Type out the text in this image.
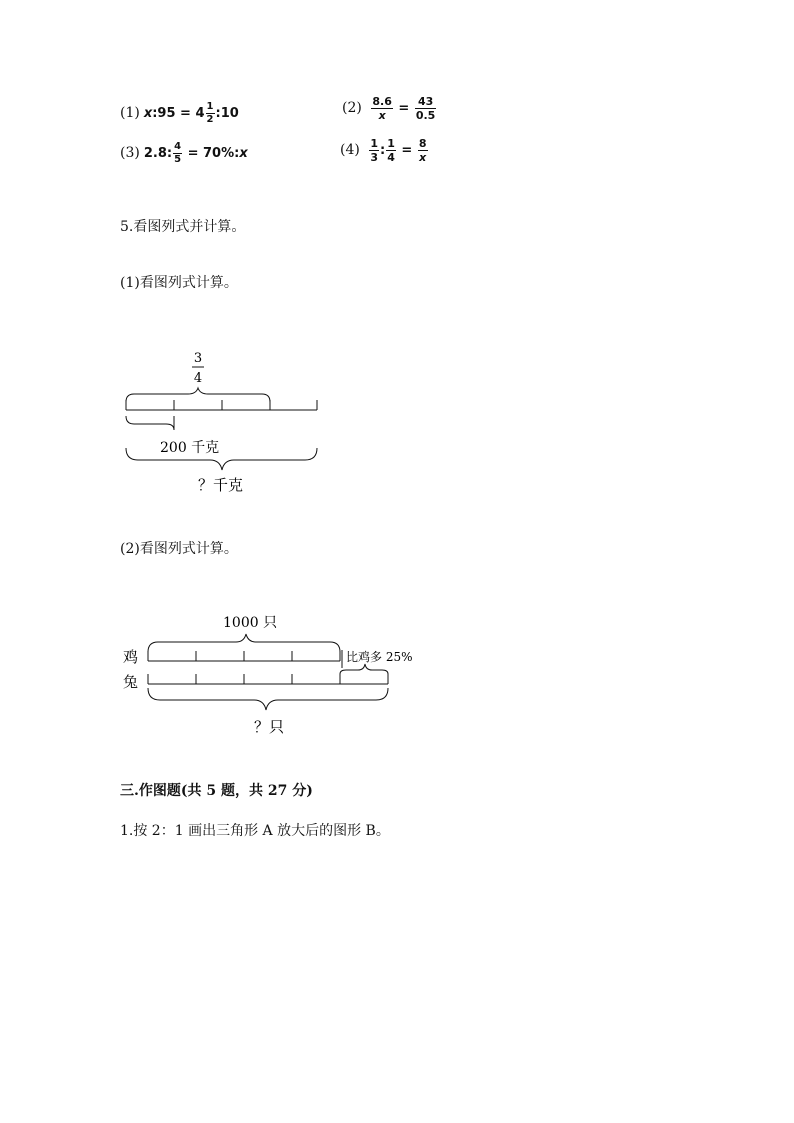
(1) x:95 = $4 \frac{1}{2}$ :10	$(2) \frac{8.6}{x} = \frac{43}{0.5}$
(3) 2.8: $\frac{4}{5}$ = 70%:x	$(4) \frac{1}{3}$ : $\frac{1}{4} = \frac{8}{x}$
5.看图列式并计算。
(1)看图列式计算。
3
4
200 千克
？千克
(2)看图列式计算。
1000 只
鸡
兔
比鸡多 25%
？只
三.作图题(共 5 题，共 27 分)
1.按 2：1 画出三角形 A 放大后的图形 B。
